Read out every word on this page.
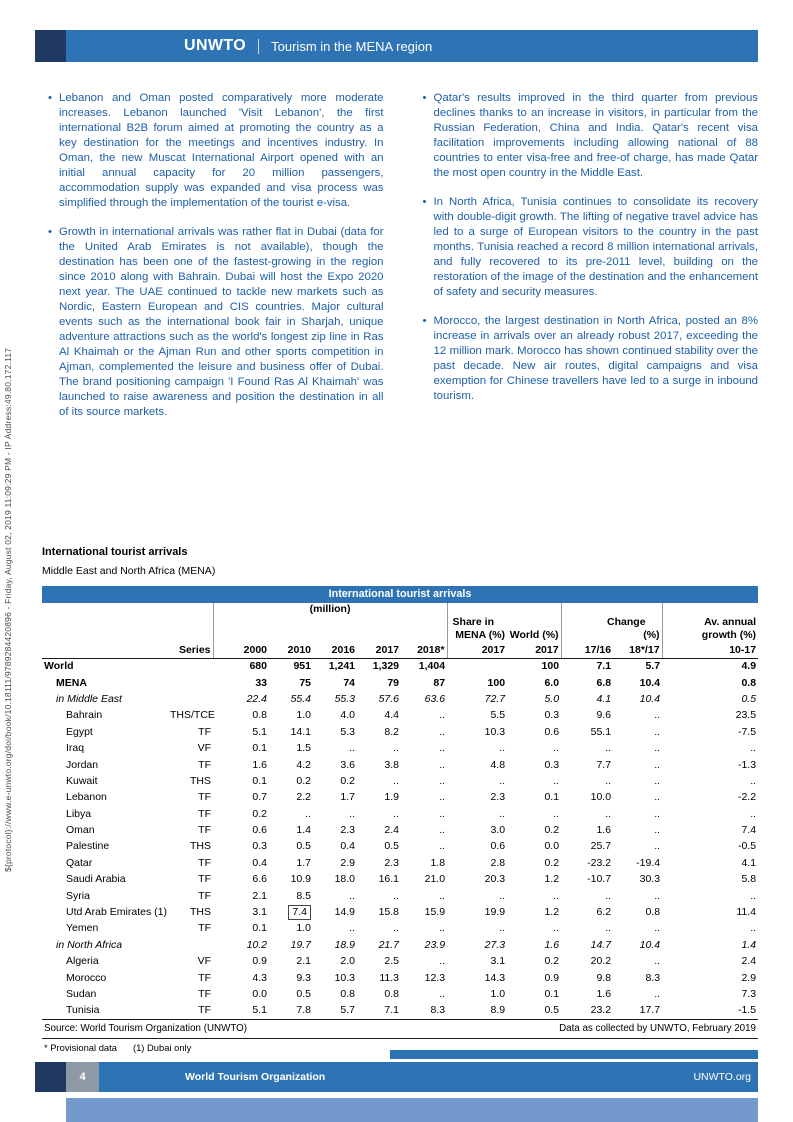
${protocol}://www.e-unwto.org/doi/book/10.18111/9789284420896 - Friday, August 02, 2019 11:09:29 PM - IP Address:49.80.172.117
UNWTO Tourism in the MENA region
• Lebanon and Oman posted comparatively more moderate increases. Lebanon launched 'Visit Lebanon', the first international B2B forum aimed at promoting the country as a key destination for the meetings and incentives industry. In Oman, the new Muscat International Airport opened with an initial annual capacity for 20 million passengers, accommodation supply was expanded and visa process was simplified through the implementation of the tourist e-visa.
• Growth in international arrivals was rather flat in Dubai (data for the United Arab Emirates is not available), though the destination has been one of the fastest-growing in the region since 2010 along with Bahrain. Dubai will host the Expo 2020 next year. The UAE continued to tackle new markets such as Nordic, Eastern European and CIS countries. Major cultural events such as the international book fair in Sharjah, unique adventure attractions such as the world's longest zip line in Ras Al Khaimah or the Ajman Run and other sports competition in Ajman, complemented the leisure and business offer of Dubai. The brand positioning campaign 'I Found Ras Al Khaimah' was launched to raise awareness and position the destination in all of its source markets.
• Qatar's results improved in the third quarter from previous declines thanks to an increase in visitors, in particular from the Russian Federation, China and India. Qatar's recent visa facilitation improvements including allowing national of 88 countries to enter visa-free and free-of charge, has made Qatar the most open country in the Middle East.
• In North Africa, Tunisia continues to consolidate its recovery with double-digit growth. The lifting of negative travel advice has led to a surge of European visitors to the country in the past months. Tunisia reached a record 8 million international arrivals, and fully recovered to its pre-2011 level, building on the restoration of the image of the destination and the enhancement of safety and security measures.
• Morocco, the largest destination in North Africa, posted an 8% increase in arrivals over an already robust 2017, exceeding the 12 million mark. Morocco has shown continued stability over the past decade. New air routes, digital campaigns and visa exemption for Chinese travellers have led to a surge in inbound tourism.
International tourist arrivals
Middle East and North Africa (MENA)
International tourist arrivals
		(million)									
							Share in		Change		Av. annual
							MENA (%)	World (%)		(%)	growth (%)
	Series	2000	2010	2016	2017	2018*	2017	2017	17/16	18*/17	10-17
World		680	951	1,241	1,329	1,404		100	7.1	5.7	4.9
MENA		33	75	74	79	87	100	6.0	6.8	10.4	0.8
in Middle East		22.4	55.4	55.3	57.6	63.6	72.7	5.0	4.1	10.4	0.5
Bahrain	THS/TCE	0.8	1.0	4.0	4.4	..	5.5	0.3	9.6	..	23.5
Egypt	TF	5.1	14.1	5.3	8.2	..	10.3	0.6	55.1	..	-7.5
Iraq	VF	0.1	1.5	..	..	..	..	..	..	..	..
Jordan	TF	1.6	4.2	3.6	3.8	..	4.8	0.3	7.7	..	-1.3
Kuwait	THS	0.1	0.2	0.2	..	..	..	..	..	..	..
Lebanon	TF	0.7	2.2	1.7	1.9	..	2.3	0.1	10.0	..	-2.2
Libya	TF	0.2	..	..	..	..	..	..	..	..	..
Oman	TF	0.6	1.4	2.3	2.4	..	3.0	0.2	1.6	..	7.4
Palestine	THS	0.3	0.5	0.4	0.5	..	0.6	0.0	25.7	..	-0.5
Qatar	TF	0.4	1.7	2.9	2.3	1.8	2.8	0.2	-23.2	-19.4	4.1
Saudi Arabia	TF	6.6	10.9	18.0	16.1	21.0	20.3	1.2	-10.7	30.3	5.8
Syria	TF	2.1	8.5	..	..	..	..	..	..	..	..
Utd Arab Emirates (1)	THS	3.1	7.4	14.9	15.8	15.9	19.9	1.2	6.2	0.8	11.4
Yemen	TF	0.1	1.0	..	..	..	..	..	..	..	..
in North Africa		10.2	19.7	18.9	21.7	23.9	27.3	1.6	14.7	10.4	1.4
Algeria	VF	0.9	2.1	2.0	2.5	..	3.1	0.2	20.2	..	2.4
Morocco	TF	4.3	9.3	10.3	11.3	12.3	14.3	0.9	9.8	8.3	2.9
Sudan	TF	0.0	0.5	0.8	0.8	..	1.0	0.1	1.6	..	7.3
Tunisia	TF	5.1	7.8	5.7	7.1	8.3	8.9	0.5	23.2	17.7	-1.5
Source: World Tourism Organization (UNWTO)	Data as collected by UNWTO, February 2019
* Provisional data (1) Dubai only
4	World Tourism Organization	UNWTO.org
